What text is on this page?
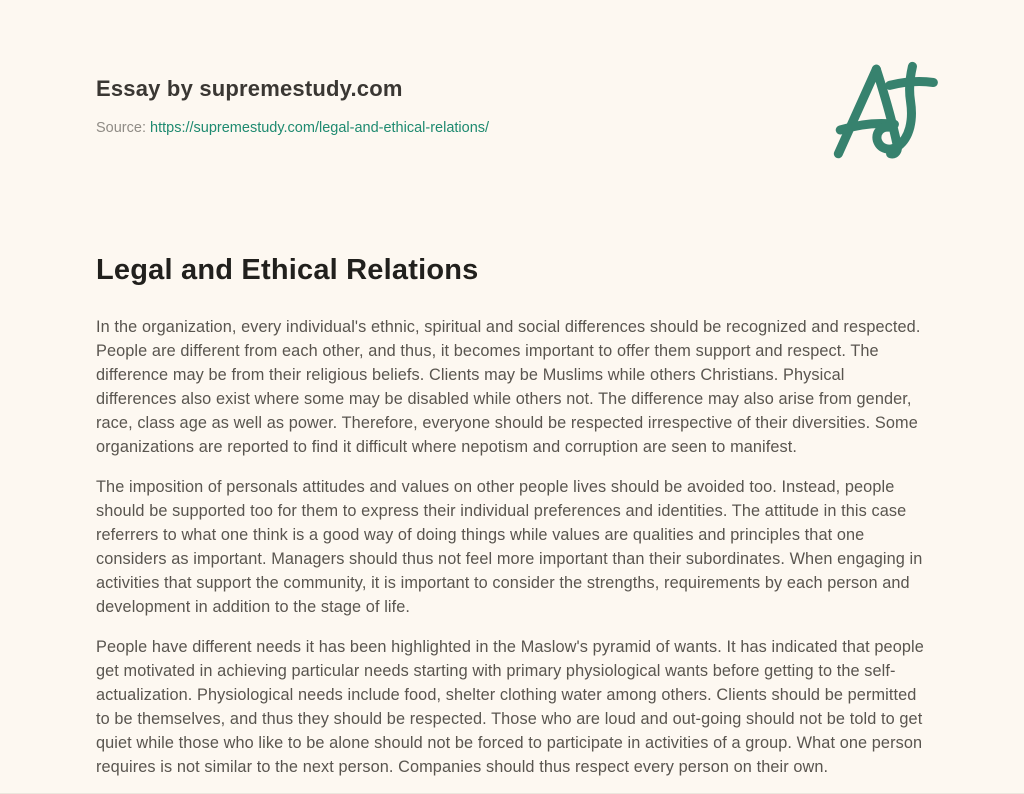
Essay by supremestudy.com
Source: https://supremestudy.com/legal-and-ethical-relations/
Legal and Ethical Relations

In the organization, every individual's ethnic, spiritual and social differences should be recognized and respected. People are different from each other, and thus, it becomes important to offer them support and respect. The difference may be from their religious beliefs. Clients may be Muslims while others Christians. Physical differences also exist where some may be disabled while others not. The difference may also arise from gender, race, class age as well as power. Therefore, everyone should be respected irrespective of their diversities. Some organizations are reported to find it difficult where nepotism and corruption are seen to manifest.

The imposition of personals attitudes and values on other people lives should be avoided too. Instead, people should be supported too for them to express their individual preferences and identities. The attitude in this case referrers to what one think is a good way of doing things while values are qualities and principles that one considers as important. Managers should thus not feel more important than their subordinates. When engaging in activities that support the community, it is important to consider the strengths, requirements by each person and development in addition to the stage of life.

People have different needs it has been highlighted in the Maslow's pyramid of wants. It has indicated that people get motivated in achieving particular needs starting with primary physiological wants before getting to the self-actualization. Physiological needs include food, shelter clothing water among others. Clients should be permitted to be themselves, and thus they should be respected. Those who are loud and out-going should not be told to get quiet while those who like to be alone should not be forced to participate in activities of a group. What one person requires is not similar to the next person. Companies should thus respect every person on their own.
